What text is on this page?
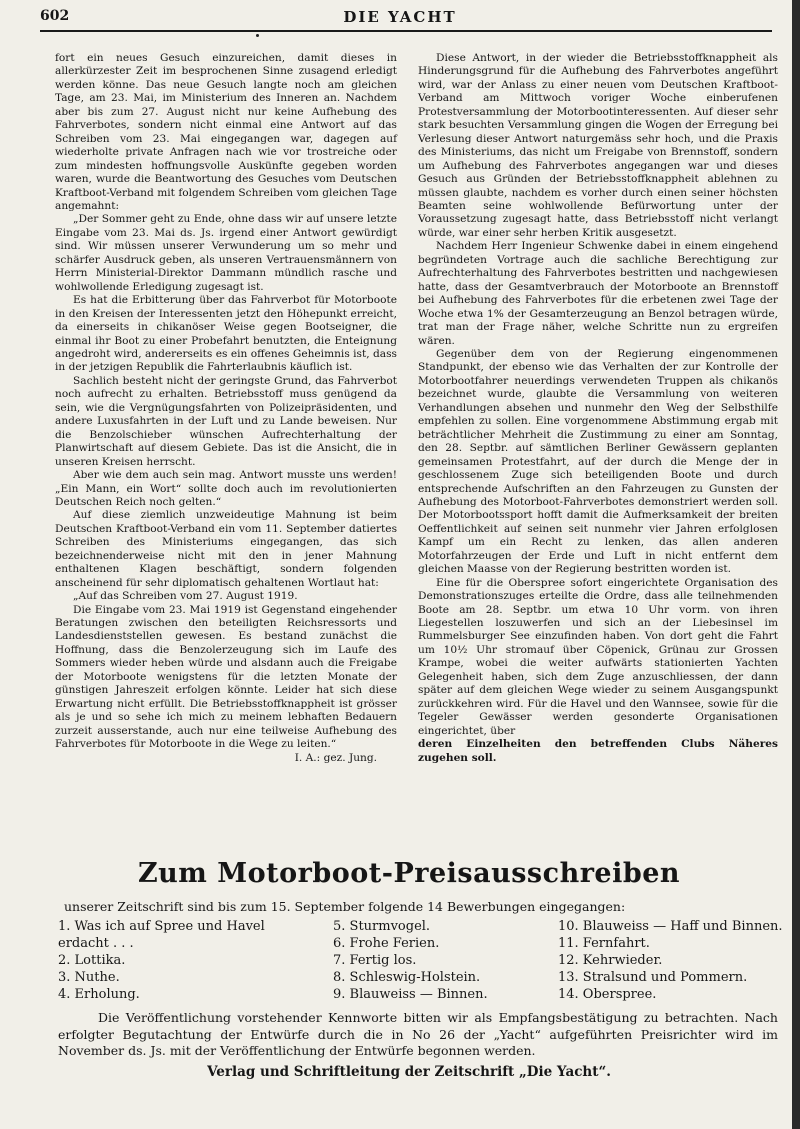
602	DIE YACHT

fort ein neues Gesuch einzureichen, damit dieses in allerkürzester Zeit im besprochenen Sinne zusagend erledigt werden könne. Das neue Gesuch langte noch am gleichen Tage, am 23. Mai, im Ministerium des Inneren an. Nachdem aber bis zum 27. August nicht nur keine Aufhebung des Fahrverbotes, sondern nicht einmal eine Antwort auf das Schreiben vom 23. Mai eingegangen war, dagegen auf wiederholte private Anfragen nach wie vor trostreiche oder zum mindesten hoffnungsvolle Auskünfte gegeben worden waren, wurde die Beantwortung des Gesuches vom Deutschen Kraftboot-Verband mit folgendem Schreiben vom gleichen Tage angemahnt:

„Der Sommer geht zu Ende, ohne dass wir auf unsere letzte Eingabe vom 23. Mai ds. Js. irgend einer Antwort gewürdigt sind. Wir müssen unserer Verwunderung um so mehr und schärfer Ausdruck geben, als unseren Vertrauensmännern von Herrn Ministerial-Direktor Dammann mündlich rasche und wohlwollende Erledigung zugesagt ist.

Es hat die Erbitterung über das Fahrverbot für Motorboote in den Kreisen der Interessenten jetzt den Höhepunkt erreicht, da einerseits in chikanöser Weise gegen Bootseigner, die einmal ihr Boot zu einer Probefahrt benutzten, die Enteignung angedroht wird, andererseits es ein offenes Geheimnis ist, dass in der jetzigen Republik die Fahrterlaubnis käuflich ist.

Sachlich besteht nicht der geringste Grund, das Fahrverbot noch aufrecht zu erhalten. Betriebsstoff muss genügend da sein, wie die Vergnügungsfahrten von Polizeipräsidenten, und andere Luxusfahrten in der Luft und zu Lande beweisen. Nur die Benzolschieber wünschen Aufrechterhaltung der Planwirtschaft auf diesem Gebiete. Das ist die Ansicht, die in unseren Kreisen herrscht.

Aber wie dem auch sein mag. Antwort musste uns werden! „Ein Mann, ein Wort“ sollte doch auch im revolutionierten Deutschen Reich noch gelten.“

Auf diese ziemlich unzweideutige Mahnung ist beim Deutschen Kraftboot-Verband ein vom 11. September datiertes Schreiben des Ministeriums eingegangen, das sich bezeichnenderweise nicht mit den in jener Mahnung enthaltenen Klagen beschäftigt, sondern folgenden anscheinend für sehr diplomatisch gehaltenen Wortlaut hat:

„Auf das Schreiben vom 27. August 1919.

Die Eingabe vom 23. Mai 1919 ist Gegenstand eingehender Beratungen zwischen den beteiligten Reichsressorts und Landesdienststellen gewesen. Es bestand zunächst die Hoffnung, dass die Benzolerzeugung sich im Laufe des Sommers wieder heben würde und alsdann auch die Freigabe der Motorboote wenigstens für die letzten Monate der günstigen Jahreszeit erfolgen könnte. Leider hat sich diese Erwartung nicht erfüllt. Die Betriebsstoffknappheit ist grösser als je und so sehe ich mich zu meinem lebhaften Bedauern zurzeit ausserstande, auch nur eine teilweise Aufhebung des Fahrverbotes für Motorboote in die Wege zu leiten.“

I. A.: gez. Jung.

Diese Antwort, in der wieder die Betriebsstoffknappheit als Hinderungsgrund für die Aufhebung des Fahrverbotes angeführt wird, war der Anlass zu einer neuen vom Deutschen Kraftboot-Verband am Mittwoch voriger Woche einberufenen Protestversammlung der Motorbootinteressenten. Auf dieser sehr stark besuchten Versammlung gingen die Wogen der Erregung bei Verlesung dieser Antwort naturgemäss sehr hoch, und die Praxis des Ministeriums, das nicht um Freigabe von Brennstoff, sondern um Aufhebung des Fahrverbotes angegangen war und dieses Gesuch aus Gründen der Betriebsstoffknappheit ablehnen zu müssen glaubte, nachdem es vorher durch einen seiner höchsten Beamten seine wohlwollende Befürwortung unter der Voraussetzung zugesagt hatte, dass Betriebsstoff nicht verlangt würde, war einer sehr herben Kritik ausgesetzt.

Nachdem Herr Ingenieur Schwenke dabei in einem eingehend begründeten Vortrage auch die sachliche Berechtigung zur Aufrechterhaltung des Fahrverbotes bestritten und nachgewiesen hatte, dass der Gesamtverbrauch der Motorboote an Brennstoff bei Aufhebung des Fahrverbotes für die erbetenen zwei Tage der Woche etwa 1% der Gesamterzeugung an Benzol betragen würde, trat man der Frage näher, welche Schritte nun zu ergreifen wären.

Gegenüber dem von der Regierung eingenommenen Standpunkt, der ebenso wie das Verhalten der zur Kontrolle der Motorbootfahrer neuerdings verwendeten Truppen als chikanös bezeichnet wurde, glaubte die Versammlung von weiteren Verhandlungen absehen und nunmehr den Weg der Selbsthilfe empfehlen zu sollen. Eine vorgenommene Abstimmung ergab mit beträchtlicher Mehrheit die Zustimmung zu einer am Sonntag, den 28. Septbr. auf sämtlichen Berliner Gewässern geplanten gemeinsamen Protestfahrt, auf der durch die Menge der in geschlossenem Zuge sich beteiligenden Boote und durch entsprechende Aufschriften an den Fahrzeugen zu Gunsten der Aufhebung des Motorboot-Fahrverbotes demonstriert werden soll. Der Motorbootssport hofft damit die Aufmerksamkeit der breiten Oeffentlichkeit auf seinen seit nunmehr vier Jahren erfolglosen Kampf um ein Recht zu lenken, das allen anderen Motorfahrzeugen der Erde und Luft in nicht entfernt dem gleichen Maasse von der Regierung bestritten worden ist.

Eine für die Oberspree sofort eingerichtete Organisation des Demonstrationszuges erteilte die Ordre, dass alle teilnehmenden Boote am 28. Septbr. um etwa 10 Uhr vorm. von ihren Liegestellen loszuwerfen und sich an der Liebesinsel im Rummelsburger See einzufinden haben. Von dort geht die Fahrt um 10½ Uhr stromauf über Cöpenick, Grünau zur Grossen Krampe, wobei die weiter aufwärts stationierten Yachten Gelegenheit haben, sich dem Zuge anzuschliessen, der dann später auf dem gleichen Wege wieder zu seinem Ausgangspunkt zurückkehren wird. Für die Havel und den Wannsee, sowie für die Tegeler Gewässer werden gesonderte Organisationen eingerichtet, über

deren Einzelheiten den betreffenden Clubs Näheres zugehen soll.

Zum Motorboot-Preisausschreiben
unserer Zeitschrift sind bis zum 15. September folgende 14 Bewerbungen eingegangen:
1. Was ich auf Spree und Havel
erdacht . . .
2. Lottika.
3. Nuthe.
4. Erholung.
5. Sturmvogel.
6. Frohe Ferien.
7. Fertig los.
8. Schleswig-Holstein.
9. Blauweiss — Binnen.
10. Blauweiss — Haff und Binnen.
11. Fernfahrt.
12. Kehrwieder.
13. Stralsund und Pommern.
14. Oberspree.

Die Veröffentlichung vorstehender Kennworte bitten wir als Empfangsbestätigung zu betrachten. Nach erfolgter Begutachtung der Entwürfe durch die in No 26 der „Yacht“ aufgeführten Preisrichter wird im November ds. Js. mit der Veröffentlichung der Entwürfe begonnen werden.

Verlag und Schriftleitung der Zeitschrift „Die Yacht“.
